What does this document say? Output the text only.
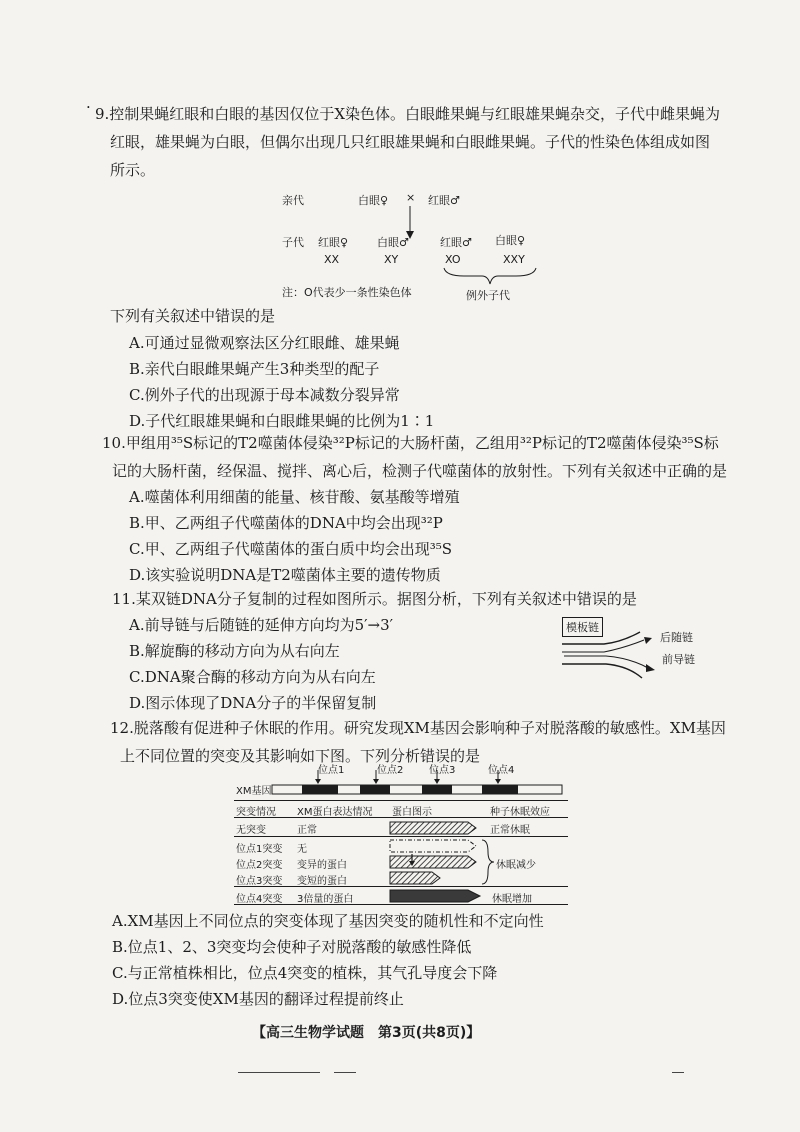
· 9.控制果蝇红眼和白眼的基因仅位于X染色体。白眼雌果蝇与红眼雄果蝇杂交，子代中雌果蝇为
红眼，雄果蝇为白眼，但偶尔出现几只红眼雄果蝇和白眼雌果蝇。子代的性染色体组成如图
所示。
亲代	白眼♀ × 红眼♂
子代 红眼♀	白眼♂	红眼♂ 白眼♀
XX	XY	XO	XXY
注：O代表少一条性染色体	例外子代
下列有关叙述中错误的是
A.可通过显微观察法区分红眼雌、雄果蝇
B.亲代白眼雌果蝇产生3种类型的配子
C.例外子代的出现源于母本减数分裂异常
D.子代红眼雄果蝇和白眼雌果蝇的比例为1∶1
10.甲组用³⁵S标记的T2噬菌体侵染³²P标记的大肠杆菌，乙组用³²P标记的T2噬菌体侵染³⁵S标
记的大肠杆菌，经保温、搅拌、离心后，检测子代噬菌体的放射性。下列有关叙述中正确的是
A.噬菌体利用细菌的能量、核苷酸、氨基酸等增殖
B.甲、乙两组子代噬菌体的DNA中均会出现³²P
C.甲、乙两组子代噬菌体的蛋白质中均会出现³⁵S
D.该实验说明DNA是T2噬菌体主要的遗传物质
11.某双链DNA分子复制的过程如图所示。据图分析，下列有关叙述中错误的是
A.前导链与后随链的延伸方向均为5′→3′
B.解旋酶的移动方向为从右向左
C.DNA聚合酶的移动方向为从右向左
D.图示体现了DNA分子的半保留复制
模板链
后随链
前导链
12.脱落酸有促进种子休眠的作用。研究发现XM基因会影响种子对脱落酸的敏感性。XM基因
上不同位置的突变及其影响如下图。下列分析错误的是
位点1	位点2	位点3	位点4
XM基因
突变情况 XM蛋白表达情况 蛋白图示	种子休眠效应
无突变	正常	正常休眠
位点1突变 无
位点2突变 变异的蛋白
位点3突变 变短的蛋白
位点4突变 3倍量的蛋白	休眠增加
休眠减少
A.XM基因上不同位点的突变体现了基因突变的随机性和不定向性
B.位点1、2、3突变均会使种子对脱落酸的敏感性降低
C.与正常植株相比，位点4突变的植株，其气孔导度会下降
D.位点3突变使XM基因的翻译过程提前终止
【高三生物学试题　第3页(共8页)】
